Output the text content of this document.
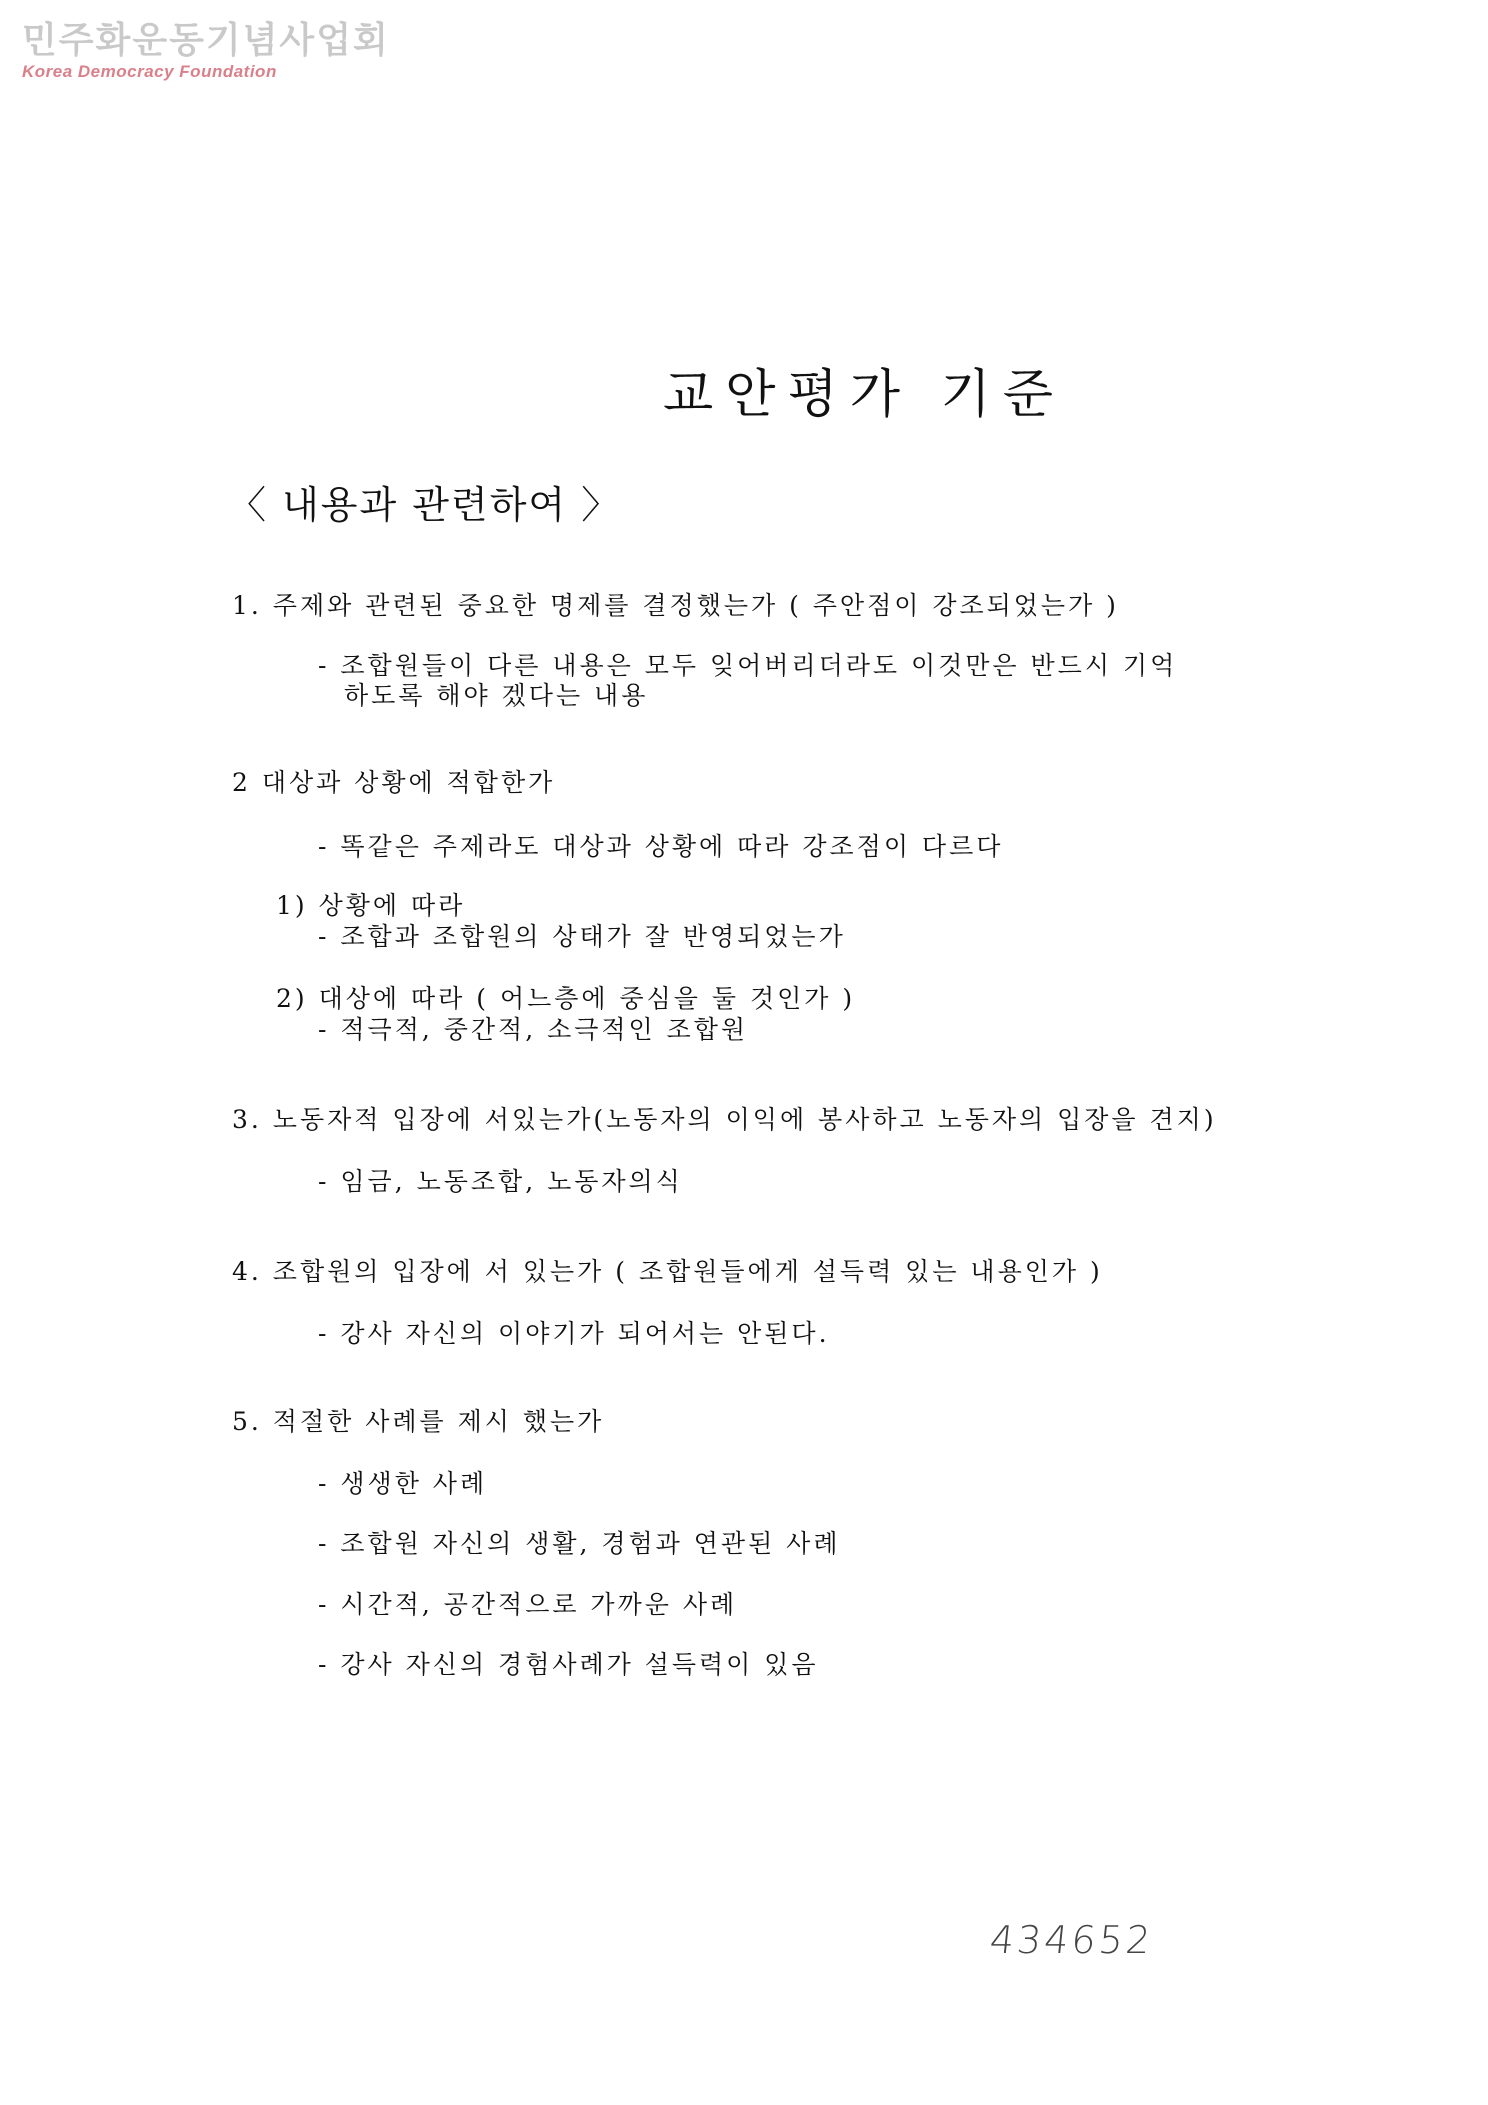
민주화운동기념사업회
Korea Democracy Foundation
교안평가 기준
〈 내용과 관련하여 〉
1. 주제와 관련된 중요한 명제를 결정했는가 ( 주안점이 강조되었는가 )
- 조합원들이 다른 내용은 모두 잊어버리더라도 이것만은 반드시 기억
하도록 해야 겠다는 내용
2 대상과 상황에 적합한가
- 똑같은 주제라도 대상과 상황에 따라 강조점이 다르다
1) 상황에 따라
- 조합과 조합원의 상태가 잘 반영되었는가
2) 대상에 따라 ( 어느층에 중심을 둘 것인가 )
- 적극적, 중간적, 소극적인 조합원
3. 노동자적 입장에 서있는가(노동자의 이익에 봉사하고 노동자의 입장을 견지)
- 임금, 노동조합, 노동자의식
4. 조합원의 입장에 서 있는가 ( 조합원들에게 설득력 있는 내용인가 )
- 강사 자신의 이야기가 되어서는 안된다.
5. 적절한 사례를 제시 했는가
- 생생한 사례
- 조합원 자신의 생활, 경험과 연관된 사례
- 시간적, 공간적으로 가까운 사례
- 강사 자신의 경험사례가 설득력이 있음
434652
